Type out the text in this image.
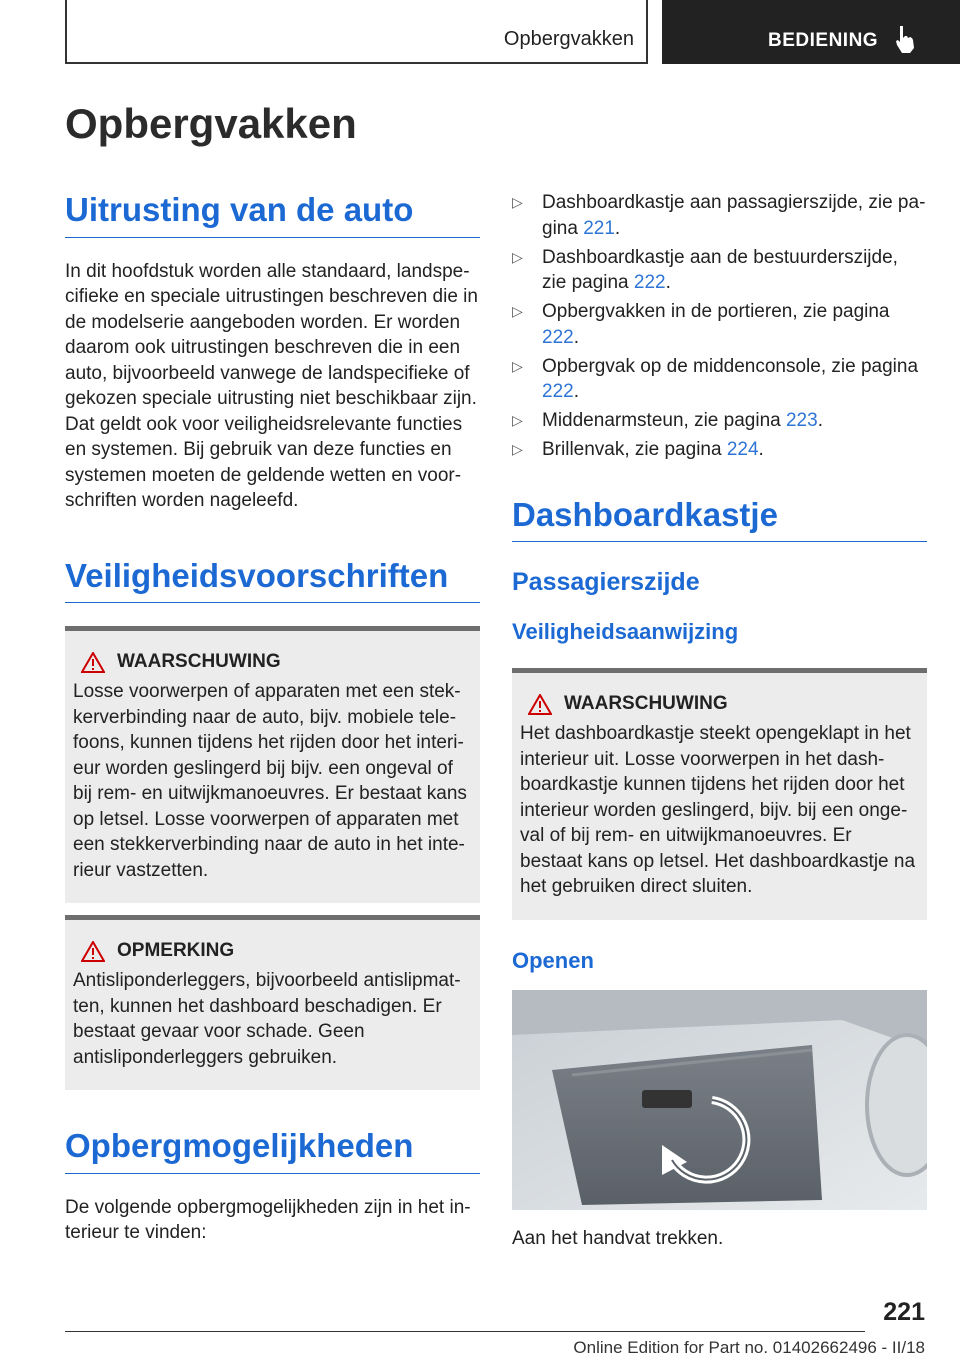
Opbergvakken	BEDIENING
Opbergvakken
Uitrusting van de auto

In dit hoofdstuk worden alle standaard, landspecifieke en speciale uitrustingen beschreven die in de modelserie aangeboden worden. Er worden daarom ook uitrustingen beschreven die in een auto, bijvoorbeeld vanwege de landspecifieke of gekozen speciale uitrusting niet beschikbaar zijn. Dat geldt ook voor veiligheidsrelevante functies en systemen. Bij gebruik van deze functies en systemen moeten de geldende wetten en voorschriften worden nageleefd.

Veiligheidsvoorschriften
WAARSCHUWING

Losse voorwerpen of apparaten met een stekkerverbinding naar de auto, bijv. mobiele telefoons, kunnen tijdens het rijden door het interieur worden geslingerd bij bijv. een ongeval of bij rem- en uitwijkmanoeuvres. Er bestaat kans op letsel. Losse voorwerpen of apparaten met een stekkerverbinding naar de auto in het interieur vastzetten.

OPMERKING

Antisliponderleggers, bijvoorbeeld antislipmatten, kunnen het dashboard beschadigen. Er bestaat gevaar voor schade. Geen antisliponderleggers gebruiken.

Opbergmogelijkheden

De volgende opbergmogelijkheden zijn in het interieur te vinden:

▷ Dashboardkastje aan passagierszijde, zie pagina 221.
▷ Dashboardkastje aan de bestuurderszijde, zie pagina 222.
▷ Opbergvakken in de portieren, zie pagina 222.
▷ Opbergvak op de middenconsole, zie pagina 222.
▷ Middenarmsteun, zie pagina 223.
▷ Brillenvak, zie pagina 224.
Dashboardkastje
Passagierszijde
Veiligheidsaanwijzing
WAARSCHUWING

Het dashboardkastje steekt opengeklapt in het interieur uit. Losse voorwerpen in het dashboardkastje kunnen tijdens het rijden door het interieur worden geslingerd, bijv. bij een ongeval of bij rem- en uitwijkmanoeuvres. Er bestaat kans op letsel. Het dashboardkastje na het gebruiken direct sluiten.

Openen

Aan het handvat trekken.

221
Online Edition for Part no. 01402662496 - II/18
